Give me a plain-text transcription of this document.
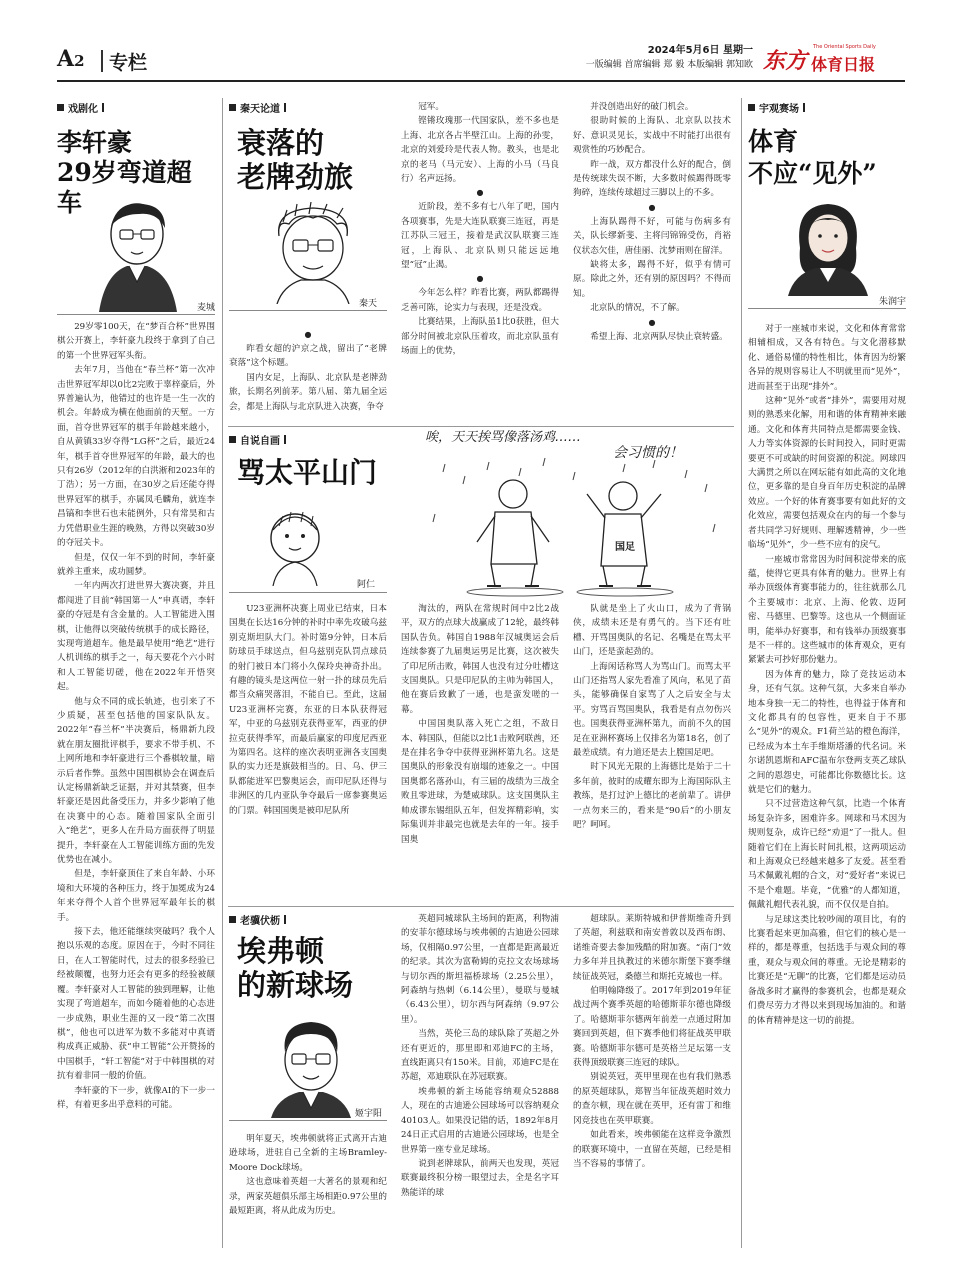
A2 专栏
2024年5月6日 星期一
一版编辑 首席编辑 郑 毅 本版编辑 郭知欧 东方
The Oriental Sports Daily
体育日报
戏剧化
李轩豪
29岁弯道超车
麦城

29岁零100天，在“梦百合杯”世界围棋公开赛上，李轩豪九段终于拿到了自己的第一个世界冠军头衔。

去年7月，当他在“春兰杯”第一次冲击世界冠军却以0比2完败于辜梓豪后，外界普遍认为，他错过的也许是一生一次的机会。年龄成为横在他面前的天堑。一方面，首夺世界冠军的棋手年龄越来越小，自从黄镇33岁夺得“LG杯”之后，最近24年，棋手首夺世界冠军的年龄，最大的也只有26岁（2012年的白洪淅和2023年的丁浩）；另一方面，在30岁之后还能夺得世界冠军的棋手，亦属凤毛麟角，就连李昌镐和李世石也未能例外，只有常昊和古力凭借职业生涯的晚熟，方得以突破30岁的夺冠关卡。

但是，仅仅一年不到的时间，李轩豪就养主重来，成功圆梦。

一年内两次打进世界大赛决赛，并且都闯进了目前“韩国第一人”申真谞，李轩豪的夺冠是有含金量的。人工智能进入围棋，让他得以突破传统棋手的成长路径，实现弯道超车。他是最早使用“绝艺”进行人机训练的棋手之一，每天要花个六小时和人工智能切磋，他在2022年开悟突起。

他与众不同的成长轨迹，也引来了不少质疑，甚至包括他的国家队队友。2022年“春兰杯”半决赛后，杨鼎新九段就在朋友圈批评棋手，要求不带手机、不上网所地和李轩豪进行三个番棋较量，暗示后者作弊。虽然中国围棋协会在调查后认定杨鼎新缺乏证据，并对其禁赛，但李轩豪还是因此备受压力，并多少影响了他在决赛中的心态。随着国家队全面引入“绝艺”，更多人在升局方面获得了明显提升，李轩豪在人工智能训练方面的先发优势也在减小。

但是，李轩豪顶住了来自年龄、小环境和大环境的各种压力，终于加冕成为24年来夺得个人首个世界冠军最年长的棋手。

接下去，他还能继续突破吗？我个人抱以乐观的态度。原因在于，今时不同往日，在人工智能时代，过去的很多经验已经被颠覆，也努力还会有更多的经验被颠覆。李轩豪对人工智能的独到理解，让他实现了弯道超车，而如今随着他的心态进一步成熟，职业生涯的又一段“第二次围棋”，他也可以进军为数不多能对中真谞构成真正威胁、获“申工智能”公开赞扬的中国棋手，“轩工智能”对于中韩围棋的对抗有着非同一般的价值。

李轩豪的下一步，就像AI的下一步一样，有着更多出乎意料的可能。

秦天论道
衰落的
老牌劲旅
秦天
●

昨看女超的沪京之战，留出了“老牌衰落”这个标题。

国内女足，上海队、北京队是老牌劲旅，长期名列前茅。第八届、第九届全运会，都是上海队与北京队进入决赛，争夺

冠军。

铿锵玫瑰那一代国家队，差不多也是上海、北京各占半壁江山。上海的孙雯，北京的刘爱玲是代表人物。教头，也是北京的老马（马元安）、上海的小马（马良行）名声远扬。

●

近阶段，差不多有七八年了吧，国内各项赛事，先是大连队联赛三连冠，再是江苏队三冠王，接着是武汉队联赛三连冠，上海队、北京队则只能远远地望“冠”止渴。

●

今年怎么样？昨看比赛，两队都踢得乏善可陈，论实力与表现，还是没戏。

比赛结果，上海队虽1比0获胜，但大部分时间被北京队压着攻，而北京队虽有场面上的优势，

并没创造出好的破门机会。

很助时候的上海队、北京队以技术好、意识灵见长，实战中不时能打出很有观赏性的巧妙配合。

昨一战，双方都没什么好的配合，倒是传统球失误不断，大多数时候踢得既零狗碎，连续传球超过三脚以上的不多。

●

上海队踢得不好，可能与伤病多有关，队长缪新斐、主将闫锦锦受伤，肖裕仪状态欠佳，唐佳丽、沈梦雨则在留洋。

缺将太多，踢得不好，似乎有情可原。除此之外，还有别的原因吗？不得而知。

北京队的情况，不了解。

●

希望上海、北京两队尽快止衰转盛。

自说自画
骂太平山门
阿仁
唉，天天挨骂像落汤鸡……
会习惯的！
国足

U23亚洲杯决赛上周业已结束，日本国奥在长达16分钟的补时中率先攻破乌兹别克斯坦队大门。补时第9分钟，日本后防球员手球送点，但乌兹别克队罚点球员的射门被日本门将小久保玲央神奇扑出。有趣的镜头是这两位一射一扑的球员先后都当众痛哭落泪，不能自已。至此，这届U23亚洲杯完赛，东亚的日本队获得冠军，中亚的乌兹别克获得亚军，西亚的伊拉克获得季军，而最后赢家的印度尼西亚为第四名。这样的座次表明亚洲各支国奥队的实力还是旗鼓相当的。日、乌、伊三队都能进军巴黎奥运会，而印尼队还得与非洲区的几内亚队争夺最后一席参赛奥运的门票。韩国国奥是被印尼队所

淘汰的，两队在常规时间中2比2战平，双方的点球大战赢成了12轮，最终韩国队告负。韩国自1988年汉城奥运会后连续参赛了九届奥运男足比赛，这次被失了印尼所击败，韩国人也没有过分吐槽这支国奥队。只是印尼队的主帅为韩国人，他在赛后致歉了一通，也是蛮发嗟的一幕。

中国国奥队落入死亡之组，不敌日本、韩国队，但能以2比1击败阿联酋，还是在排名争夺中获得亚洲杯第九名。这是国奥队的形象没有崩塌的迹象之一。中国国奥都名落孙山，有三届的战绩为三战全败且零进球，为楚威球队。这支国奥队主帅成谬东锡组队五年，但发挥精彩响，实际集训并非最完也就是去年的一年。接手国奥

队就是坐上了火山口，成为了背锅侠，成绩未还是有勇气的。当下还有吐槽、开骂国奥队的名记、名嘴是在骂太平山门，还是蛮起劲的。

上海闲话称骂人为骂山门。而骂太平山门还指骂人家先看准了风向，私见了苗头，能够确保自家骂了人之后安全与太平。穷骂百骂国奥队，我看是有点勿伤兴也。国奥获得亚洲杯第九，而前不久的国足在亚洲杯赛场上仅排名为第18名，创了最差成绩。有力道还是去上膛国足吧。

时下风光无限的上海德比是始于二十多年前，彼时的成耀东即为上海国际队主教练，是打过沪上德比的老前辈了。讲伊一点勿来三的，看来是“90后”的小朋友吧？呵呵。

老骥伏枥
埃弗顿
的新球场
姬宇阳

明年夏天，埃弗顿就将正式离开古迪逊球场，进驻自己全新的主场Bramley-Moore Dock球场。

这也意味着英超一大著名的景观和纪录，两家英超俱乐部主场相距0.97公里的最短距离，将从此成为历史。

英超同城球队主场间的距离，利物浦的安菲尔德球场与埃弗顿的古迪逊公园球场，仅相隔0.97公里，一直都是距离最近的纪录。其次为富勒姆的克拉文农场球场与切尔西的斯坦福桥球场（2.25公里），阿森纳与热刺（6.14公里），曼联与曼城（6.43公里），切尔西与阿森纳（9.97公里）。

当然，英伦三岛的球队除了英超之外还有更近的，那里即和邓迪FC的主场，直线距离只有150米。目前，邓迪FC是在苏超，邓迪联队在苏冠联赛。

埃弗顿的新主场能容纳观众52888人，现在的古迪逊公园球场可以容纳观众40103人。如果没记错的话，1892年8月24日正式启用的古迪逊公园球场，也是全世界第一座专业足球场。

说到老牌球队，前两天也发现，英冠联赛最终积分榜一眼望过去，全是名字耳熟能详的球

超球队。莱斯特城和伊普斯维奇升到了英超，利兹联和南安普敦以及西布朗、诺维奇要去参加残酷的附加赛。“南门”效力多年并且执教过的米德尔斯堡下赛季继续征战英冠，桑德兰和斯托克城也一样。

伯明翰降级了。2017年到2019年征战过两个赛季英超的哈德斯菲尔德也降级了。哈德斯菲尔德两年前差一点通过附加赛回到英超，但下赛季他们将征战英甲联赛。哈德斯菲尔德可是英格兰足坛第一支获得顶级联赛三连冠的球队。

别说英冠，英甲里现在也有我们熟悉的原英超球队，郑智当年征战英超时效力的查尔顿，现在就在英甲，还有雷丁和维冈竞技也在英甲联赛。

如此看来，埃弗顿能在这样竞争激烈的联赛环境中，一直留在英超，已经是相当不容易的事情了。

宇观赛场
体育
不应“见外”
朱润宇

对于一座城市来说，文化和体育常常相辅相成，又各有特色。与文化潜移默化、通俗易懂的特性相比，体育因为纷繁各异的规则容易让人不明就里而“见外”，进而甚至于出现“排外”。

这种“见外”或者“排外”，需要用对规则的熟悉来化解，用和谐的体育精神来融通。文化和体育共同特点是都需要金钱、人力等实体资源的长时间投入，同时更需要更不可或缺的时间资源的积淀。网球四大满贯之所以在网坛能有如此高的文化地位，更多靠的是自身百年历史积淀的品牌效应。一个好的体育赛事要有如此好的文化效应，需要包括观众在内的每一个参与者共同学习好规则、理解透精神，少一些临场“见外”，少一些不应有的戾气。

一座城市常常因为时间积淀带来的底蕴，使得它更具有体育的魅力。世界上有举办顶级体育赛事能力的，往往就那么几个主要城市：北京、上海、伦敦、迈阿密、马德里、巴黎等。这也从一个侧面证明，能举办好赛事，和有钱举办顶级赛事是不一样的。这些城市的体育观众，更有紧紧去可抄好那份魅力。

因为体育的魅力，除了竞技运动本身，还有气氛。这种气氛，大多来自举办地本身独一无二的特性，也得益于体育和文化都具有的包容性，更来自于不那么“见外”的观众。F1荷兰站的橙色海洋，已经成为本土车手维斯塔潘的代名词。米尔诺凯恩斯和AFC温布尔登两支英乙球队之间的恩怨史，可能都比你数德比长。这就是它们的魅力。

只不过营造这种气氛，比造一个体育场复杂许多，困难许多。网球和马术因为规则复杂，成许已经“劝退”了一批人。但随着它们在上海长时间扎根，这两项运动和上海观众已经越来越多了友爱。甚至看马术佩戴礼帽的合文，对“爱好者”来说已不是个难题。毕竟，“优雅”的人都知道，佩戴礼帽代表礼貌，而不仅仅是自拍。

与足球这类比较吵闹的项目比，有的比赛看起来更加高雅，但它们的核心是一样的，都是尊重，包括选手与观众间的尊重，观众与观众间的尊重。无论是精彩的比赛还是“无聊”的比赛，它们都是运动员备战多时才赢得的参赛机会，也都是观众们费尽劳力才得以来到现场加油的。和谐的体育精神是这一切的前提。
